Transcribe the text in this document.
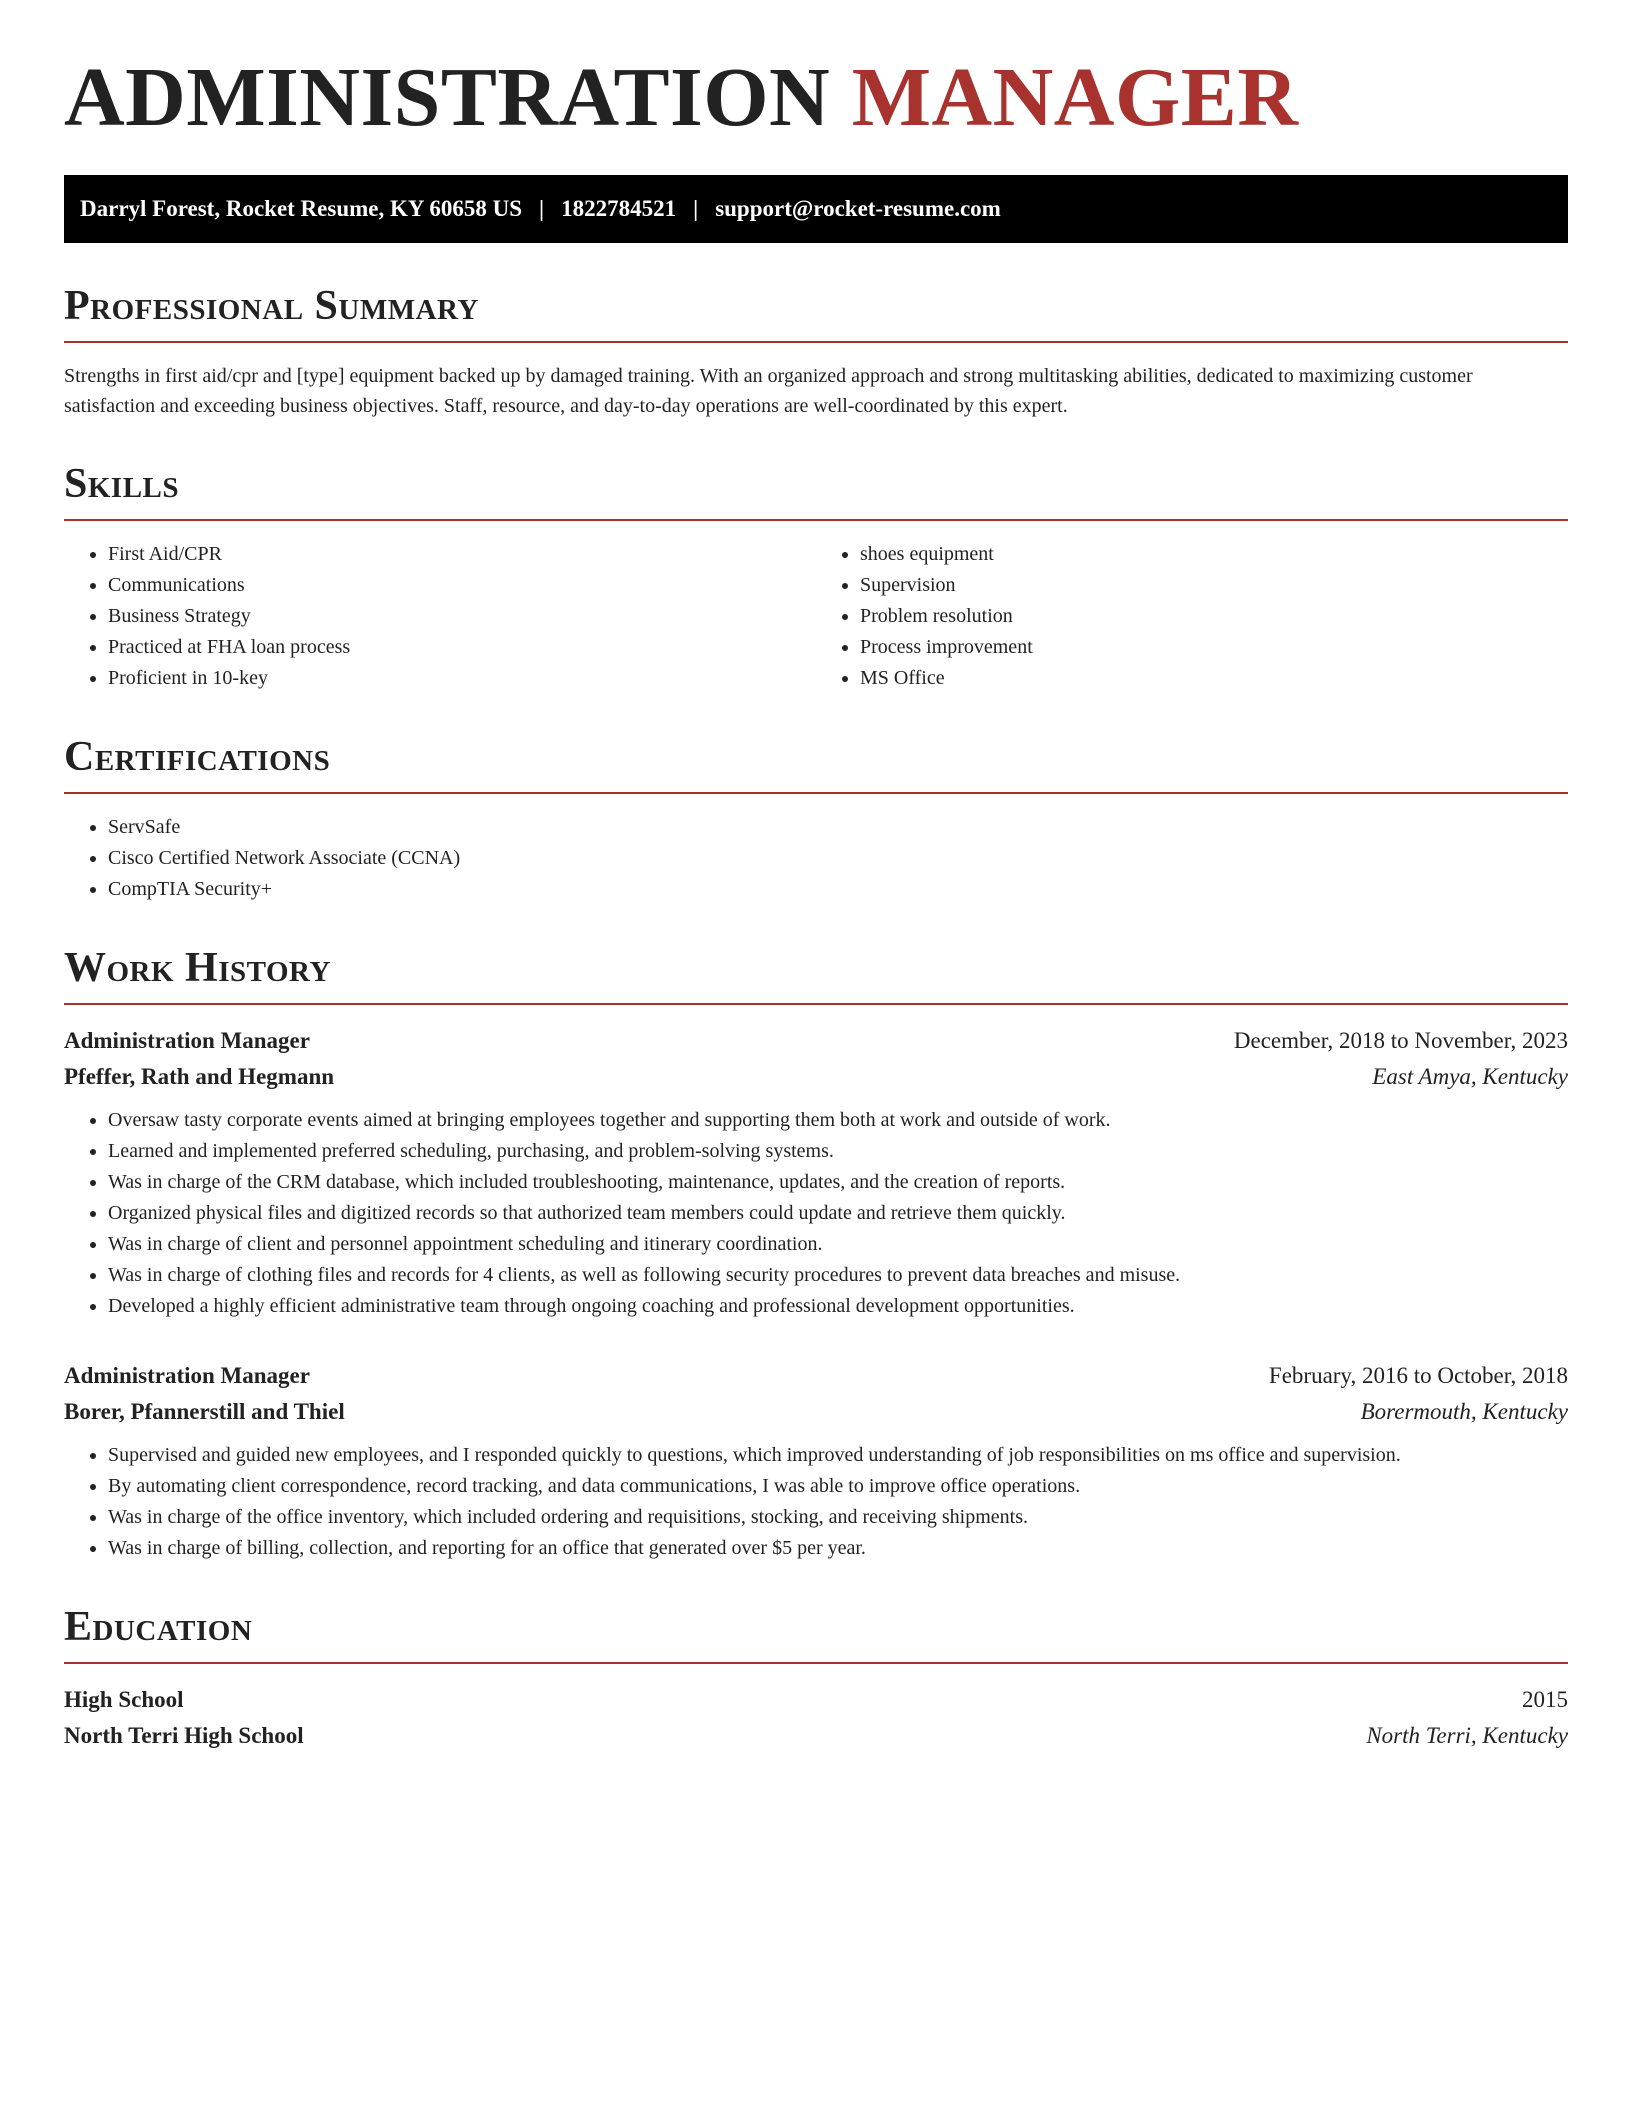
ADMINISTRATION MANAGER
Darryl Forest, Rocket Resume, KY 60658 US | 1822784521 | support@rocket-resume.com
Professional Summary

Strengths in first aid/cpr and [type] equipment backed up by damaged training. With an organized approach and strong multitasking abilities, dedicated to maximizing customer satisfaction and exceeding business objectives. Staff, resource, and day-to-day operations are well-coordinated by this expert.

Skills
• First Aid/CPR
• Communications
• Business Strategy
• Practiced at FHA loan process
• Proficient in 10-key
• shoes equipment
• Supervision
• Problem resolution
• Process improvement
• MS Office
Certifications
• ServSafe
• Cisco Certified Network Associate (CCNA)
• CompTIA Security+
Work History
Administration Manager	December, 2018 to November, 2023
Pfeffer, Rath and Hegmann	East Amya, Kentucky
• Oversaw tasty corporate events aimed at bringing employees together and supporting them both at work and outside of work.
• Learned and implemented preferred scheduling, purchasing, and problem-solving systems.
• Was in charge of the CRM database, which included troubleshooting, maintenance, updates, and the creation of reports.
• Organized physical files and digitized records so that authorized team members could update and retrieve them quickly.
• Was in charge of client and personnel appointment scheduling and itinerary coordination.
• Was in charge of clothing files and records for 4 clients, as well as following security procedures to prevent data breaches and misuse.
• Developed a highly efficient administrative team through ongoing coaching and professional development opportunities.
Administration Manager	February, 2016 to October, 2018
Borer, Pfannerstill and Thiel	Borermouth, Kentucky
• Supervised and guided new employees, and I responded quickly to questions, which improved understanding of job responsibilities on ms office and supervision.
• By automating client correspondence, record tracking, and data communications, I was able to improve office operations.
• Was in charge of the office inventory, which included ordering and requisitions, stocking, and receiving shipments.
• Was in charge of billing, collection, and reporting for an office that generated over $5 per year.
Education
High School	2015
North Terri High School	North Terri, Kentucky
